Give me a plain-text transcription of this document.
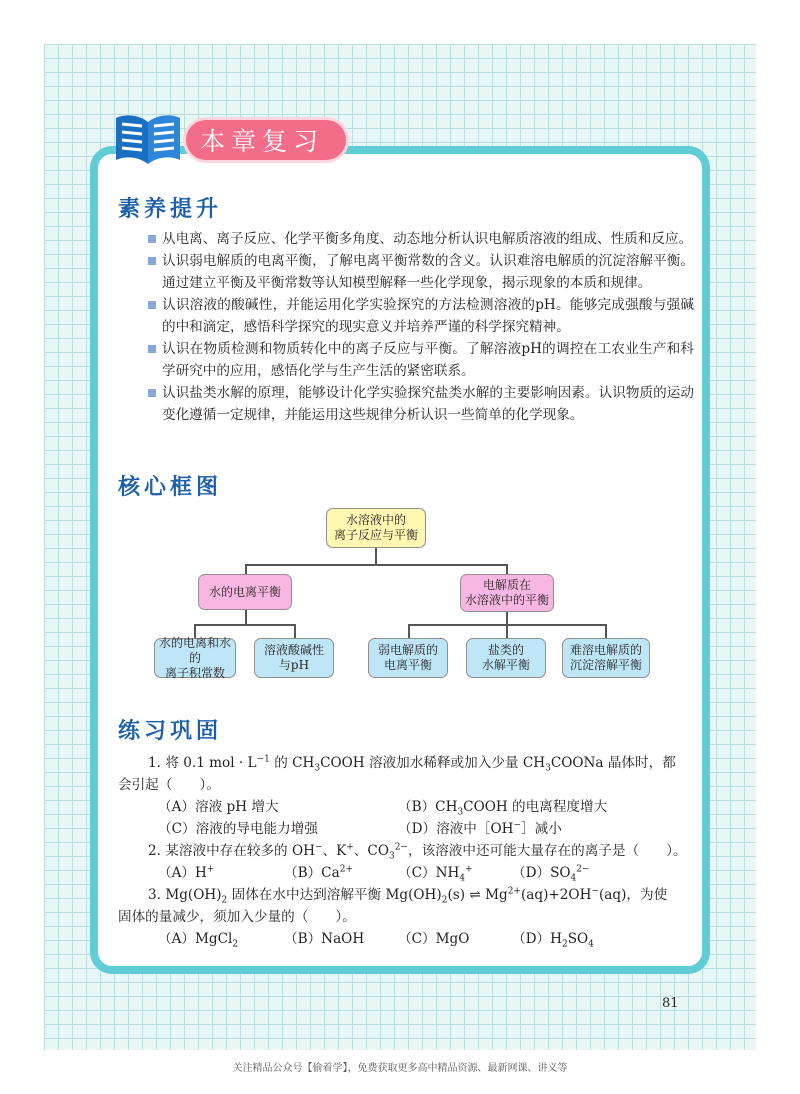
本章复习
素养提升
从电离、离子反应、化学平衡多角度、动态地分析认识电解质溶液的组成、性质和反应。
认识弱电解质的电离平衡，了解电离平衡常数的含义。认识难溶电解质的沉淀溶解平衡。通过建立平衡及平衡常数等认知模型解释一些化学现象，揭示现象的本质和规律。
认识溶液的酸碱性，并能运用化学实验探究的方法检测溶液的pH。能够完成强酸与强碱的中和滴定，感悟科学探究的现实意义并培养严谨的科学探究精神。
认识在物质检测和物质转化中的离子反应与平衡。了解溶液pH的调控在工农业生产和科学研究中的应用，感悟化学与生产生活的紧密联系。
认识盐类水解的原理，能够设计化学实验探究盐类水解的主要影响因素。认识物质的运动变化遵循一定规律，并能运用这些规律分析认识一些简单的化学现象。
核心框图
水溶液中的
离子反应与平衡
水的电离平衡	电解质在
水溶液中的平衡
水的电离和水的
离子积常数
溶液酸碱性
与pH
弱电解质的
电离平衡
盐类的
水解平衡
难溶电解质的
沉淀溶解平衡
练习巩固
1. 将 0.1 mol · $L^{-1}$ 的 $CH_3COOH$ 溶液加水稀释或加入少量 $CH_3COONa$ 晶体时，都
会引起（　　）。
（A）溶液 pH 增大	$(B)CH_3COOH$ 的电离程度增大
（C）溶液的导电能力增强	（D）溶液中［OH−］减小
2. 某溶液中存在较多的 OH−、K+、$CO_3^{2-}$，该溶液中还可能大量存在的离子是（　　）。
（A）H+	$(B)Ca^{2+}$	$(C)NH_4^+$	$(D)SO_4^{2-}$
3. $Mg(OH)_2$ 固体在水中达到溶解平衡 $Mg(OH)_2(s)$ ⇌ $Mg^{2+}(aq)+2OH^-(aq)$，为使
固体的量减少，须加入少量的（　　）。
（A）MgCl$_2$	（B）NaOH （C）MgO	$(D)H_2SO_4$
81
关注精品公众号【偷着学】，免费获取更多高中精品资源、最新网课、讲义等
